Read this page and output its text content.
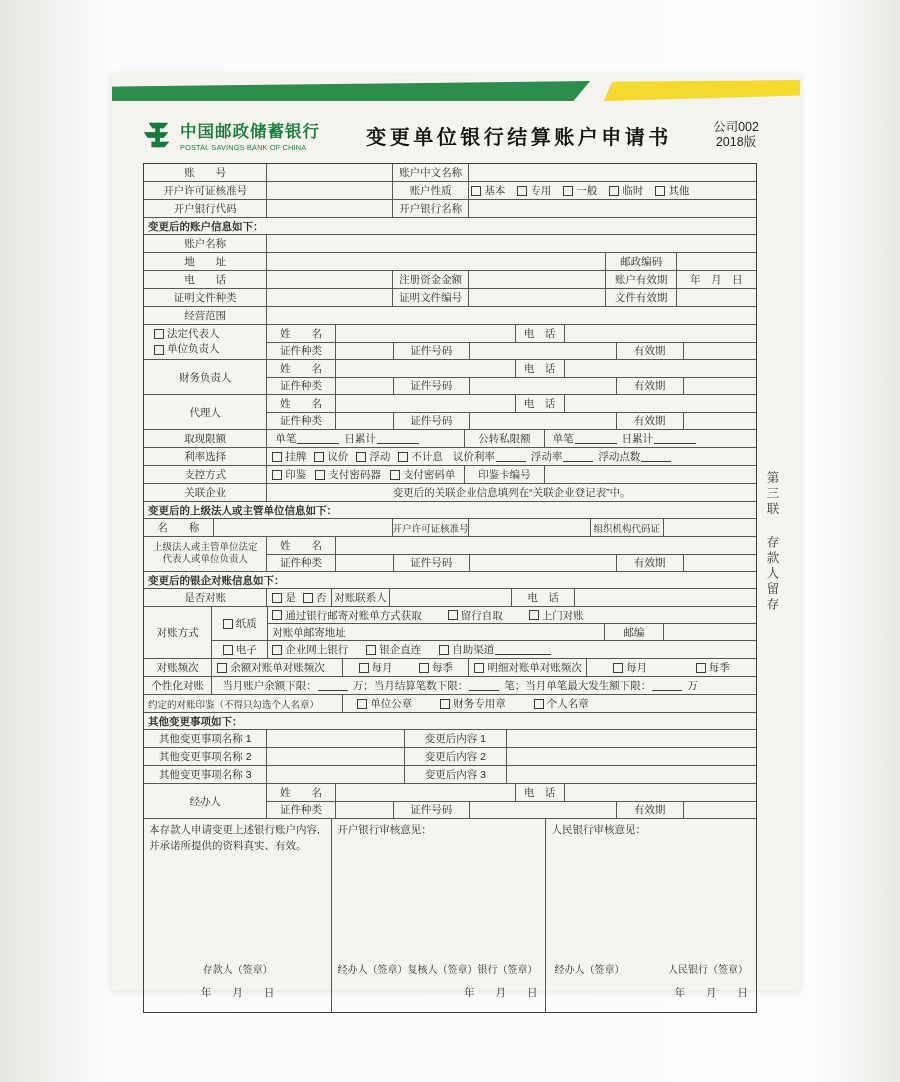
中国邮政储蓄银行
POSTAL SAVINGS BANK OF CHINA	变更单位银行结算账户申请书	公司002
2018版
账　　号	账户中文名称
开户许可证核准号	账户性质	基本 专用 一般 临时 其他
开户银行代码	开户银行名称
变更后的账户信息如下：
账户名称
地　　址	邮政编码
电　　话	注册资金金额	账户有效期	年　月　日
证明文件种类	证明文件编号	文件有效期
经营范围
法定代表人
单位负责人
姓　　名	电　话
证件种类	证件号码	有效期
财务负责人
姓　　名	电　话
证件种类	证件号码	有效期
代理人
姓　　名	电　话
证件种类	证件号码	有效期
取现限额	单笔	日累计	公转私限额	单笔	日累计
利率选择	挂牌 议价 浮动 不计息 议价利率	浮动率	浮动点数
支控方式	印鉴 支付密码器 支付密码单	印鉴卡编号
关联企业	变更后的关联企业信息填列在“关联企业登记表”中。
变更后的上级法人或主管单位信息如下：
名　　称	开户许可证核准号	组织机构代码证
上级法人或主管单位法定
代表人或单位负责人
姓　　名
证件种类	证件号码	有效期
变更后的银企对账信息如下：
是否对账	是 否 对账联系人	电　话
对账方式
纸质
通过银行邮寄对账单方式获取	留行自取	上门对账
对账单邮寄地址	邮编
电子	企业网上银行	银企直连	自助渠道
对账频次	余额对账单对账频次	每月	每季	明细对账单对账频次	每月	每季
个性化对账	当月账户余额下限：	万；当月结算笔数下限：	笔；当月单笔最大发生额下限：	万
约定的对账印鉴（不得只勾选个人名章）	单位公章	财务专用章	个人名章
其他变更事项如下：
其他变更事项名称 1	变更后内容 1
其他变更事项名称 2	变更后内容 2
其他变更事项名称 3	变更后内容 3
经办人
姓　　名	电　话
证件种类	证件号码	有效期
本存款人申请变更上述银行账户内容,并承诺所提供的资料真实、有效。
存款人（签章）
年　　月　　日
开户银行审核意见：
经办人（签章）复核人（签章）银行（签章）
年　　月　　日
人民银行审核意见：
经办人（签章）	人民银行（签章）
年　　月　　日
第三联存款人留存
